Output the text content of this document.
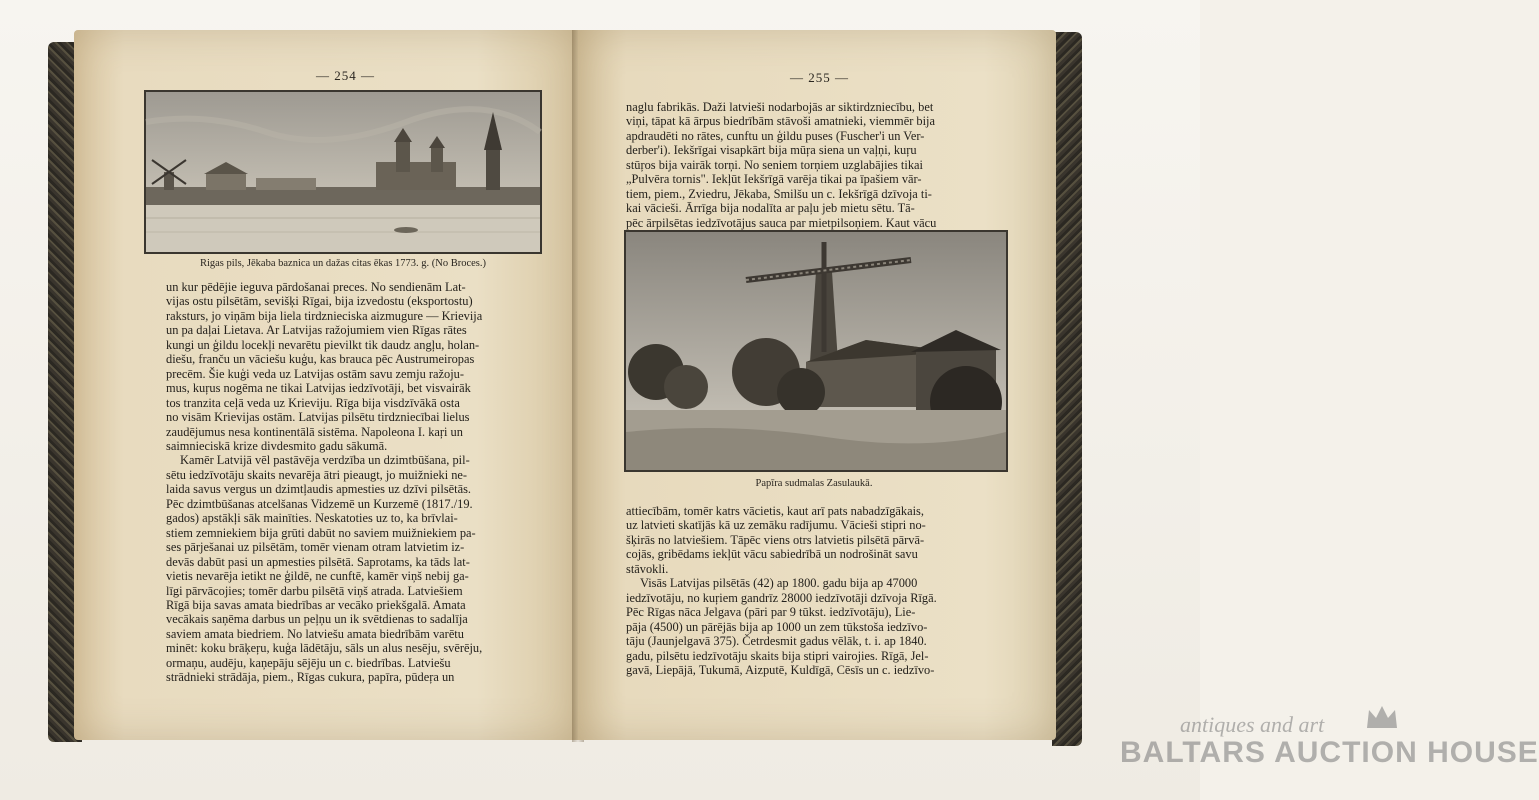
— 254 —
Rigas pils, Jēkaba baznica un dažas citas ēkas 1773. g. (No Broces.)

un kur pēdējie ieguva pārdošanai preces. No sendienām Lat-

vijas ostu pilsētām, sevišķi Rīgai, bija izvedostu (eksportostu)

raksturs, jo viņām bija liela tirdznieciska aizmugure — Krievija

un pa daļai Lietava. Ar Latvijas ražojumiem vien Rīgas rātes

kungi un ģildu locekļi nevarētu pievilkt tik daudz angļu, holan-

diešu, franču un vāciešu kuģu, kas brauca pēc Austrumeiropas

precēm. Šie kuģi veda uz Latvijas ostām savu zemju ražoju-

mus, kuŗus nogēma ne tikai Latvijas iedzīvotāji, bet visvairāk

tos tranzita ceļā veda uz Krieviju. Rīga bija visdzīvākā osta

no visām Krievijas ostām. Latvijas pilsētu tirdzniecībai lielus

zaudējumus nesa kontinentālā sistēma. Napoleona I. kaŗi un

saimnieciskā krize divdesmito gadu sākumā.

Kamēr Latvijā vēl pastāvēja verdzība un dzimtbūšana, pil-

sētu iedzīvotāju skaits nevarēja ātri pieaugt, jo muižnieki ne-

laida savus vergus un dzimtļaudis apmesties uz dzīvi pilsētās.

Pēc dzimtbūšanas atcelšanas Vidzemē un Kurzemē (1817./19.

gados) apstākļi sāk mainīties. Neskatoties uz to, ka brīvlai-

stiem zemniekiem bija grūti dabūt no saviem muižniekiem pa-

ses pārješanai uz pilsētām, tomēr vienam otram latvietim iz-

devās dabūt pasi un apmesties pilsētā. Saprotams, ka tāds lat-

vietis nevarēja ietikt ne ģildē, ne cunftē, kamēr viņš nebij ga-

līgi pārvācojies; tomēr darbu pilsētā viņš atrada. Latviešiem

Rīgā bija savas amata biedrības ar vecāko priekšgalā. Amata

vecākais saņēma darbus un peļņu un ik svētdienas to sadalīja

saviem amata biedriem. No latviešu amata biedrībām varētu

minēt: koku brāķeŗu, kuģa lādētāju, sāls un alus nesēju, svērēju,

ormaņu, audēju, kaņepāju sējēju un c. biedrības. Latviešu

strādnieki strādāja, piem., Rīgas cukura, papīra, pūdeŗa un

— 255 —

naglu fabrikās. Daži latvieši nodarbojās ar siktirdzniecību, bet

viņi, tāpat kā ārpus biedrībām stāvoši amatnieki, viemmēr bija

apdraudēti no rātes, cunftu un ģildu puses (Fuscher'i un Ver-

derber'i). Iekšrīgai visapkārt bija mūŗa siena un vaļņi, kuŗu

stūŗos bija vairāk torņi. No seniem torņiem uzglabājies tikai

„Pulvēra tornis". Iekļūt Iekšrīgā varēja tikai pa īpašiem vār-

tiem, piem., Zviedru, Jēkaba, Smilšu un c. Iekšrīgā dzīvoja ti-

kai vācieši. Ārrīga bija nodalīta ar paļu jeb mietu sētu. Tā-

pēc ārpilsētas iedzīvotājus sauca par mietpilsoņiem. Kaut vācu

Papīra sudmalas Zasulaukā.

attiecībām, tomēr katrs vācietis, kaut arī pats nabadzīgākais,

uz latvieti skatījās kā uz zemāku radījumu. Vācieši stipri no-

šķirās no latviešiem. Tāpēc viens otrs latvietis pilsētā pārvā-

cojās, gribēdams iekļūt vācu sabiedrībā un nodrošināt savu

stāvokli.

Visās Latvijas pilsētās (42) ap 1800. gadu bija ap 47000

iedzīvotāju, no kuŗiem gandrīz 28000 iedzīvotāji dzīvoja Rīgā.

Pēc Rīgas nāca Jelgava (pāri par 9 tūkst. iedzīvotāju), Lie-

pāja (4500) un pārējās bija ap 1000 un zem tūkstoša iedzīvo-

tāju (Jaunjelgavā 375). Četrdesmit gadus vēlāk, t. i. ap 1840.

gadu, pilsētu iedzīvotāju skaits bija stipri vairojies. Rīgā, Jel-

gavā, Liepājā, Tukumā, Aizputē, Kuldīgā, Cēsīs un c. iedzīvo-

antiques and art
BALTARS AUCTION HOUSE
